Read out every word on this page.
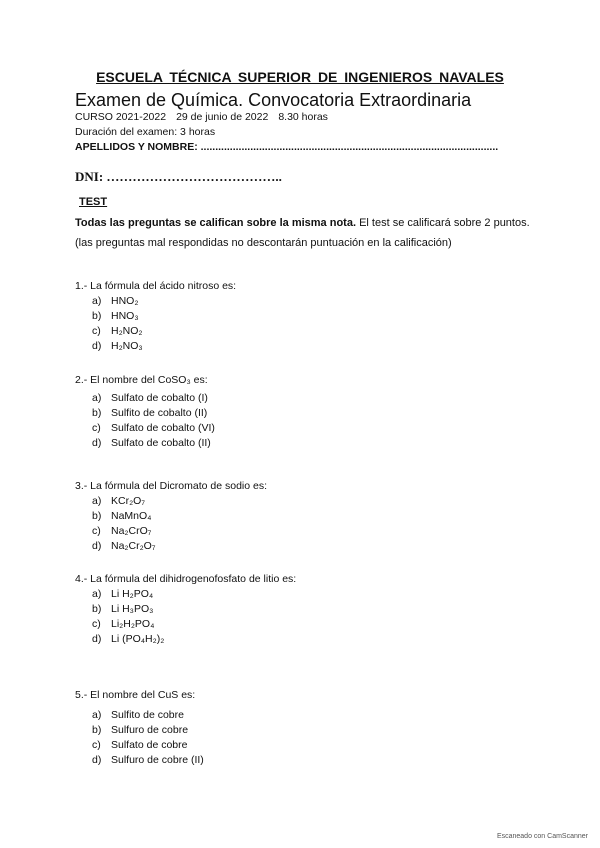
ESCUELA TÉCNICA SUPERIOR DE INGENIEROS NAVALES
Examen de Química. Convocatoria Extraordinaria
CURSO 2021-2022 29 de junio de 2022 8.30 horas
Duración del examen: 3 horas
APELLIDOS Y NOMBRE: ......................................................................................................
DNI: …………………………………..
TEST
Todas las preguntas se califican sobre la misma nota. El test se calificará sobre 2 puntos.
(las preguntas mal respondidas no descontarán puntuación en la calificación)
1.- La fórmula del ácido nitroso es:
a) HNO₂
b) HNO₃
c) H₂NO₂
d) H₂NO₃
2.- El nombre del CoSO₃ es:
a) Sulfato de cobalto (I)
b) Sulfito de cobalto (II)
c) Sulfato de cobalto (VI)
d) Sulfato de cobalto (II)
3.- La fórmula del Dicromato de sodio es:
a) KCr₂O₇
b) NaMnO₄
c) Na₂CrO₇
d) Na₂Cr₂O₇
4.- La fórmula del dihidrogenofosfato de litio es:
a) Li H₂PO₄
b) Li H₃PO₃
c) Li₂H₂PO₄
d) Li (PO₄H₂)₂
5.- El nombre del CuS es:
a) Sulfito de cobre
b) Sulfuro de cobre
c) Sulfato de cobre
d) Sulfuro de cobre (II)
Escaneado con CamScanner
